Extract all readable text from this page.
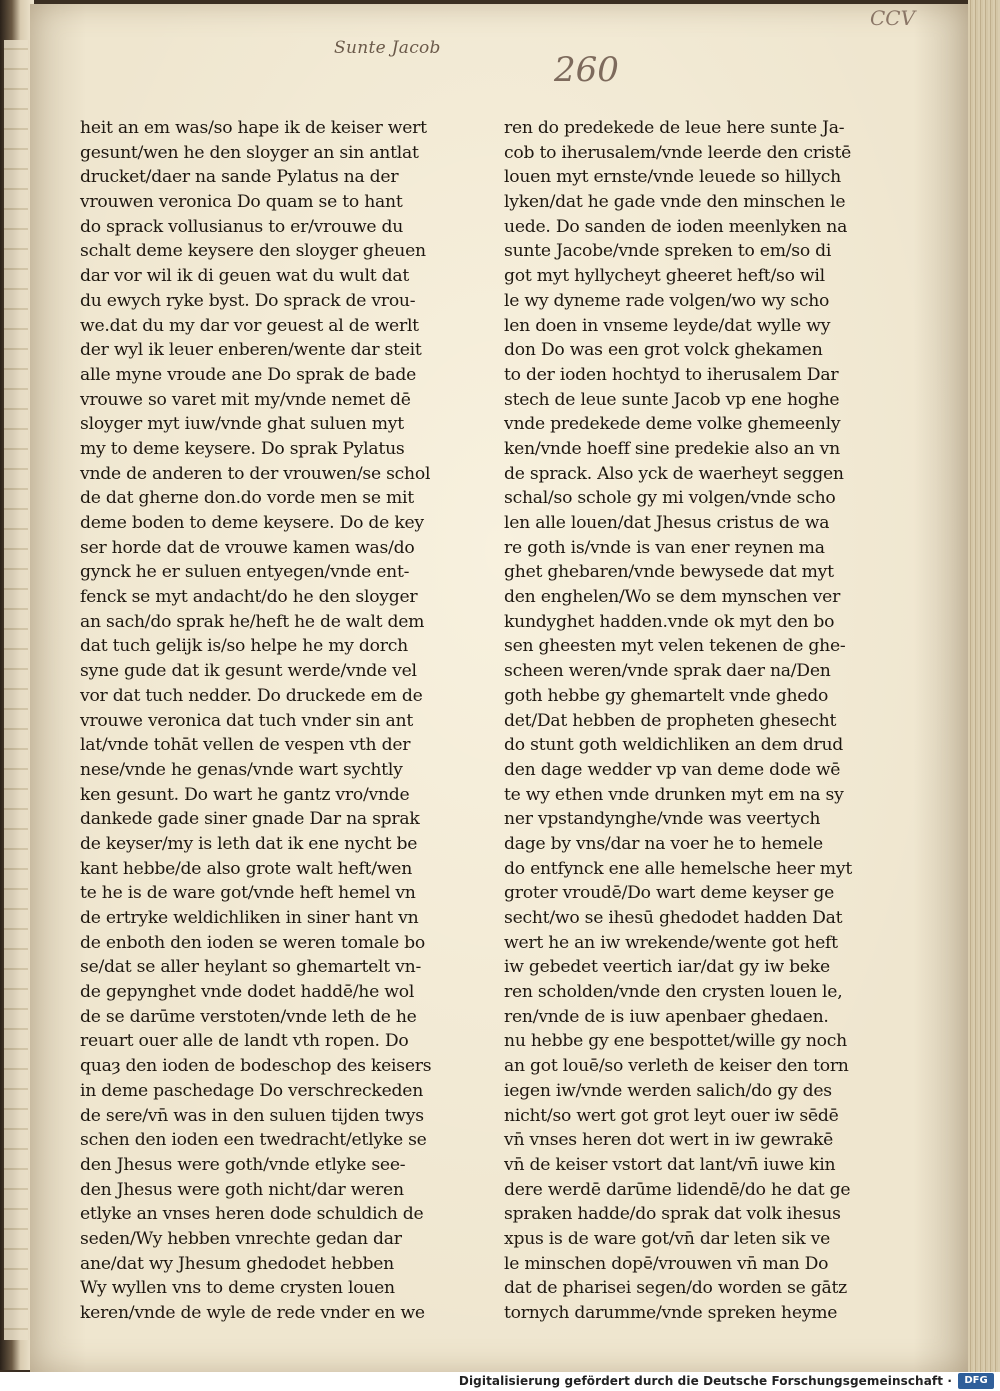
Sunte Jacob
260
CCV
heit an em was/so hape ik de keiser wert
gesunt/wen he den sloyger an sin antlat
drucket/daer na sande Pylatus na der
vrouwen veronica Do quam se to hant
do sprack vollusianus to er/vrouwe du
schalt deme keysere den sloyger gheuen
dar vor wil ik di geuen wat du wult dat
du ewych ryke byst. Do sprack de vrou-
we.dat du my dar vor geuest al de werlt
der wyl ik leuer enberen/wente dar steit
alle myne vroude ane Do sprak de bade
vrouwe so varet mit my/vnde nemet dē
sloyger myt iuw/vnde ghat suluen myt
my to deme keysere. Do sprak Pylatus
vnde de anderen to der vrouwen/se schol
de dat gherne don.do vorde men se mit
deme boden to deme keysere. Do de key
ser horde dat de vrouwe kamen was/do
gynck he er suluen entyegen/vnde ent-
fenck se myt andacht/do he den sloyger
an sach/do sprak he/heft he de walt dem
dat tuch gelijk is/so helpe he my dorch
syne gude dat ik gesunt werde/vnde vel
vor dat tuch nedder. Do druckede em de
vrouwe veronica dat tuch vnder sin ant
lat/vnde tohāt vellen de vespen vth der
nese/vnde he genas/vnde wart sychtly
ken gesunt. Do wart he gantz vro/vnde
dankede gade siner gnade Dar na sprak
de keyser/my is leth dat ik ene nycht be
kant hebbe/de also grote walt heft/wen
te he is de ware got/vnde heft hemel vn
de ertryke weldichliken in siner hant vn
de enboth den ioden se weren tomale bo
se/dat se aller heylant so ghemartelt vn-
de gepynghet vnde dodet haddē/he wol
de se darūme verstoten/vnde leth de he
reuart ouer alle de landt vth ropen. Do
quaȝ den ioden de bodeschop des keisers
in deme paschedage Do verschreckeden
de sere/vn̄ was in den suluen tijden twys
schen den ioden een twedracht/etlyke se
den Jhesus were goth/vnde etlyke see-
den Jhesus were goth nicht/dar weren
etlyke an vnses heren dode schuldich de
seden/Wy hebben vnrechte gedan dar
ane/dat wy Jhesum ghedodet hebben
Wy wyllen vns to deme crysten louen
keren/vnde de wyle de rede vnder en we
ren do predekede de leue here sunte Ja-
cob to iherusalem/vnde leerde den cristē
louen myt ernste/vnde leuede so hillych
lyken/dat he gade vnde den minschen le
uede. Do sanden de ioden meenlyken na
sunte Jacobe/vnde spreken to em/so di
got myt hyllycheyt gheeret heft/so wil
le wy dyneme rade volgen/wo wy scho
len doen in vnseme leyde/dat wylle wy
don Do was een grot volck ghekamen
to der ioden hochtyd to iherusalem Dar
stech de leue sunte Jacob vp ene hoghe
vnde predekede deme volke ghemeenly
ken/vnde hoeff sine predekie also an vn
de sprack. Also yck de waerheyt seggen
schal/so schole gy mi volgen/vnde scho
len alle louen/dat Jhesus cristus de wa
re goth is/vnde is van ener reynen ma
ghet ghebaren/vnde bewysede dat myt
den enghelen/Wo se dem mynschen ver
kundyghet hadden.vnde ok myt den bo
sen gheesten myt velen tekenen de ghe-
scheen weren/vnde sprak daer na/Den
goth hebbe gy ghemartelt vnde ghedo
det/Dat hebben de propheten ghesecht
do stunt goth weldichliken an dem drud
den dage wedder vp van deme dode wē
te wy ethen vnde drunken myt em na sy
ner vpstandynghe/vnde was veertych
dage by vns/dar na voer he to hemele
do entfynck ene alle hemelsche heer myt
groter vroudē/Do wart deme keyser ge
secht/wo se ihesū ghedodet hadden Dat
wert he an iw wrekende/wente got heft
iw gebedet veertich iar/dat gy iw beke
ren scholden/vnde den crysten louen le,
ren/vnde de is iuw apenbaer ghedaen.
nu hebbe gy ene bespottet/wille gy noch
an got louē/so verleth de keiser den torn
iegen iw/vnde werden salich/do gy des
nicht/so wert got grot leyt ouer iw sēdē
vn̄ vnses heren dot wert in iw gewrakē
vn̄ de keiser vstort dat lant/vn̄ iuwe kin
dere werdē darūme lidendē/do he dat ge
spraken hadde/do sprak dat volk ihesus
xpus is de ware got/vn̄ dar leten sik ve
le minschen dopē/vrouwen vn̄ man Do
dat de pharisei segen/do worden se gātz
tornych darumme/vnde spreken heyme
Digitalisierung gefördert durch die Deutsche Forschungsgemeinschaft ·	DFG
